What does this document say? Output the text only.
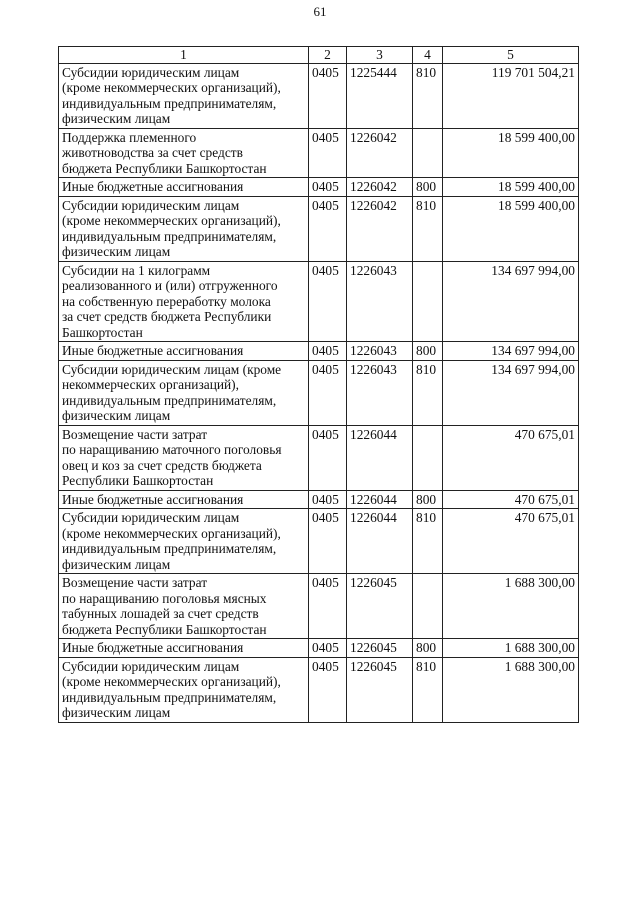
61
1	2	3	4	5
Субсидии юридическим лицам
(кроме некоммерческих организаций),
индивидуальным предпринимателям,
физическим лицам	0405	1225444	810	119 701 504,21
Поддержка племенного
животноводства за счет средств
бюджета Республики Башкортостан	0405	1226042		18 599 400,00
Иные бюджетные ассигнования	0405	1226042	800	18 599 400,00
Субсидии юридическим лицам
(кроме некоммерческих организаций),
индивидуальным предпринимателям,
физическим лицам	0405	1226042	810	18 599 400,00
Субсидии на 1 килограмм
реализованного и (или) отгруженного
на собственную переработку молока
за счет средств бюджета Республики
Башкортостан	0405	1226043		134 697 994,00
Иные бюджетные ассигнования	0405	1226043	800	134 697 994,00
Субсидии юридическим лицам (кроме
некоммерческих организаций),
индивидуальным предпринимателям,
физическим лицам	0405	1226043	810	134 697 994,00
Возмещение части затрат
по наращиванию маточного поголовья
овец и коз за счет средств бюджета
Республики Башкортостан	0405	1226044		470 675,01
Иные бюджетные ассигнования	0405	1226044	800	470 675,01
Субсидии юридическим лицам
(кроме некоммерческих организаций),
индивидуальным предпринимателям,
физическим лицам	0405	1226044	810	470 675,01
Возмещение части затрат
по наращиванию поголовья мясных
табунных лошадей за счет средств
бюджета Республики Башкортостан	0405	1226045		1 688 300,00
Иные бюджетные ассигнования	0405	1226045	800	1 688 300,00
Субсидии юридическим лицам
(кроме некоммерческих организаций),
индивидуальным предпринимателям,
физическим лицам	0405	1226045	810	1 688 300,00
